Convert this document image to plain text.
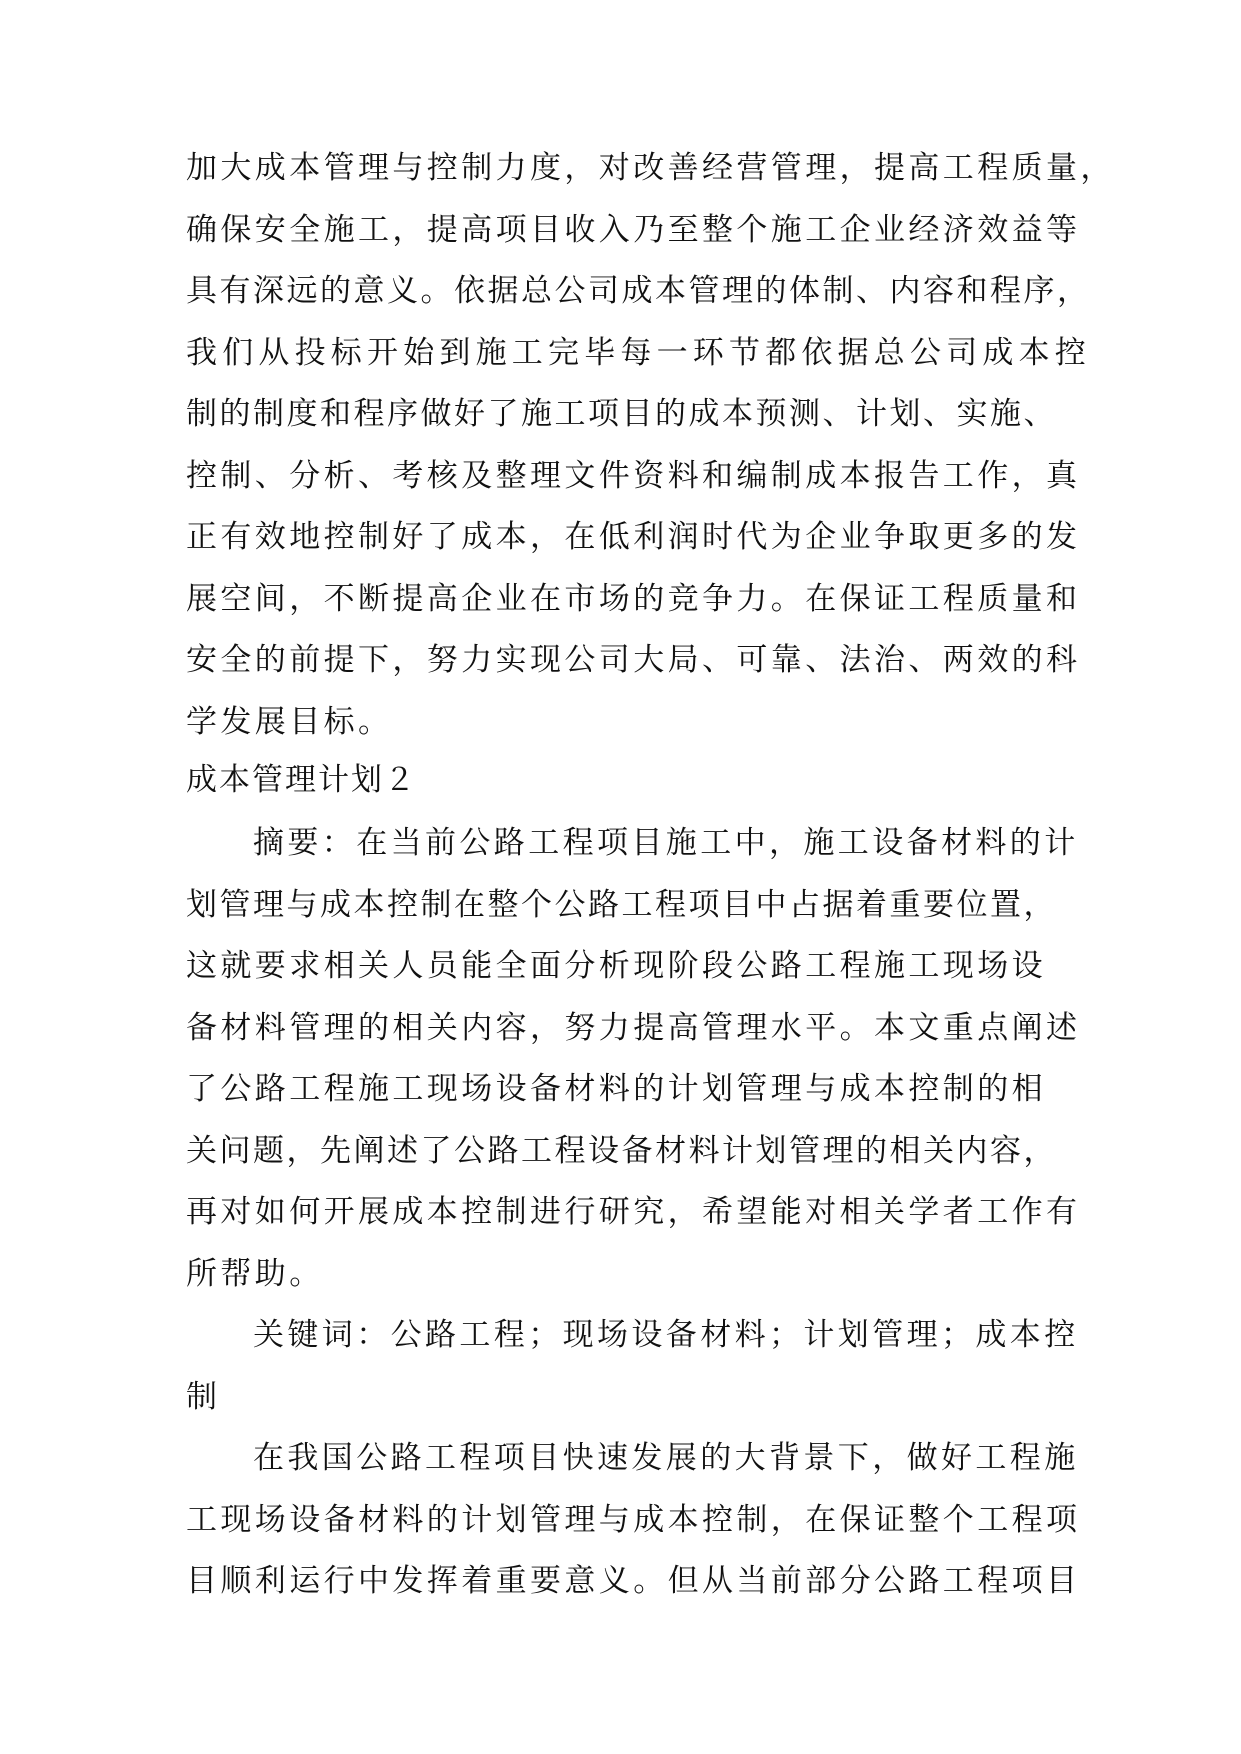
加大成本管理与控制力度，对改善经营管理，提高工程质量，
确保安全施工，提高项目收入乃至整个施工企业经济效益等
具有深远的意义。依据总公司成本管理的体制、内容和程序，
我们从投标开始到施工完毕每一环节都依据总公司成本控
制的制度和程序做好了施工项目的成本预测、计划、实施、
控制、分析、考核及整理文件资料和编制成本报告工作，真
正有效地控制好了成本，在低利润时代为企业争取更多的发
展空间，不断提高企业在市场的竞争力。在保证工程质量和
安全的前提下，努力实现公司大局、可靠、法治、两效的科
学发展目标。
成本管理计划２
摘要：在当前公路工程项目施工中，施工设备材料的计
划管理与成本控制在整个公路工程项目中占据着重要位置，
这就要求相关人员能全面分析现阶段公路工程施工现场设
备材料管理的相关内容，努力提高管理水平。本文重点阐述
了公路工程施工现场设备材料的计划管理与成本控制的相
关问题，先阐述了公路工程设备材料计划管理的相关内容，
再对如何开展成本控制进行研究，希望能对相关学者工作有
所帮助。
关键词：公路工程；现场设备材料；计划管理；成本控
制
在我国公路工程项目快速发展的大背景下，做好工程施
工现场设备材料的计划管理与成本控制，在保证整个工程项
目顺利运行中发挥着重要意义。但从当前部分公路工程项目
